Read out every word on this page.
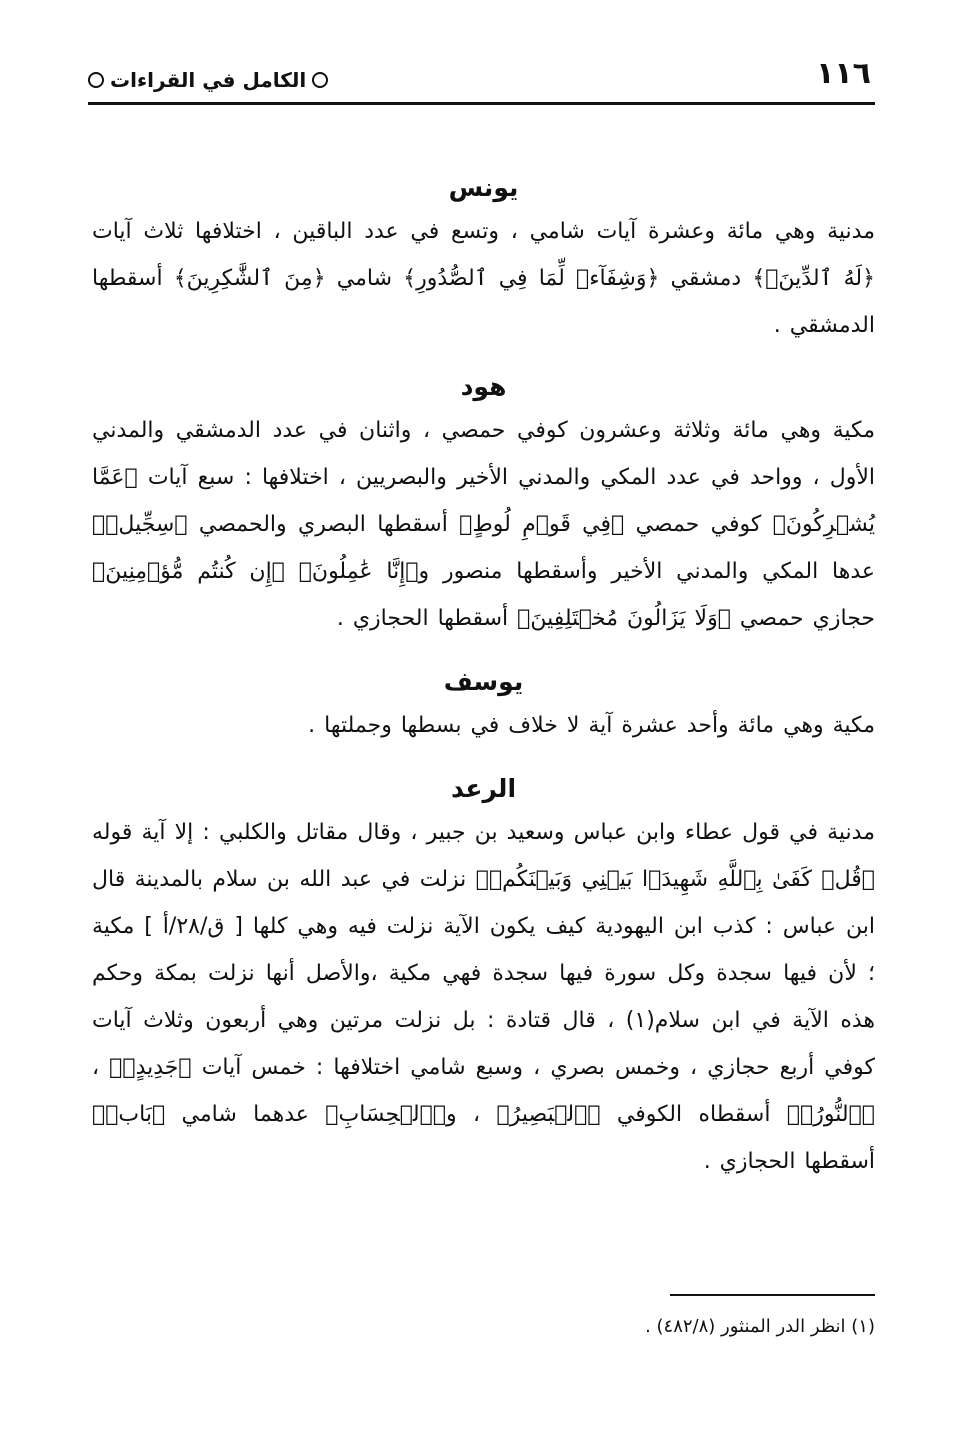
١١٦
الكامل في القراءات
يونس

مدنية وهي مائة وعشرة آيات شامي ، وتسع في عدد الباقين ، اختلافها ثلاث آيات ﴿لَهُ ٱلدِّينَۖ﴾ دمشقي ﴿وَشِفَآءٞ لِّمَا فِي ٱلصُّدُورِ﴾ شامي ﴿مِنَ ٱلشَّٰكِرِينَ﴾ أسقطها الدمشقي .

هود

مكية وهي مائة وثلاثة وعشرون كوفي حمصي ، واثنان في عدد الدمشقي والمدني الأول ، وواحد في عدد المكي والمدني الأخير والبصريين ، اختلافها : سبع آيات ﴿عَمَّا يُشۡرِكُونَ﴾ كوفي حمصي ﴿فِي قَوۡمِ لُوطٍ﴾ أسقطها البصري والحمصي ﴿سِجِّيلٖ﴾ عدها المكي والمدني الأخير وأسقطها منصور و﴿إِنَّا عَٰمِلُونَ﴾ ﴿إِن كُنتُم مُّؤۡمِنِينَ﴾ حجازي حمصي ﴿وَلَا يَزَالُونَ مُخۡتَلِفِينَ﴾ أسقطها الحجازي .

يوسف

مكية وهي مائة وأحد عشرة آية لا خلاف في بسطها وجملتها .

الرعد

مدنية في قول عطاء وابن عباس وسعيد بن جبير ، وقال مقاتل والكلبي : إلا آية قوله ﴿قُلۡ كَفَىٰ بِٱللَّهِ شَهِيدَۢا بَيۡنِي وَبَيۡنَكُمۡ﴾ نزلت في عبد الله بن سلام بالمدينة قال ابن عباس : كذب ابن اليهودية كيف يكون الآية نزلت فيه وهي كلها [ ق/٢٨/أ ] مكية ؛ لأن فيها سجدة وكل سورة فيها سجدة فهي مكية ،والأصل أنها نزلت بمكة وحكم هذه الآية في ابن سلام(١) ، قال قتادة : بل نزلت مرتين وهي أربعون وثلاث آيات كوفي أربع حجازي ، وخمس بصري ، وسبع شامي اختلافها : خمس آيات ﴿جَدِيدٍۗ﴾ ، ﴿ٱلنُّورُۗ﴾ أسقطاه الكوفي ﴿ٱلۡبَصِيرُ﴾ ، و﴿ٱلۡحِسَابِ﴾ عدهما شامي ﴿بَابٖ﴾ أسقطها الحجازي .

(١) انظر الدر المنثور (٤٨٢/٨) .
